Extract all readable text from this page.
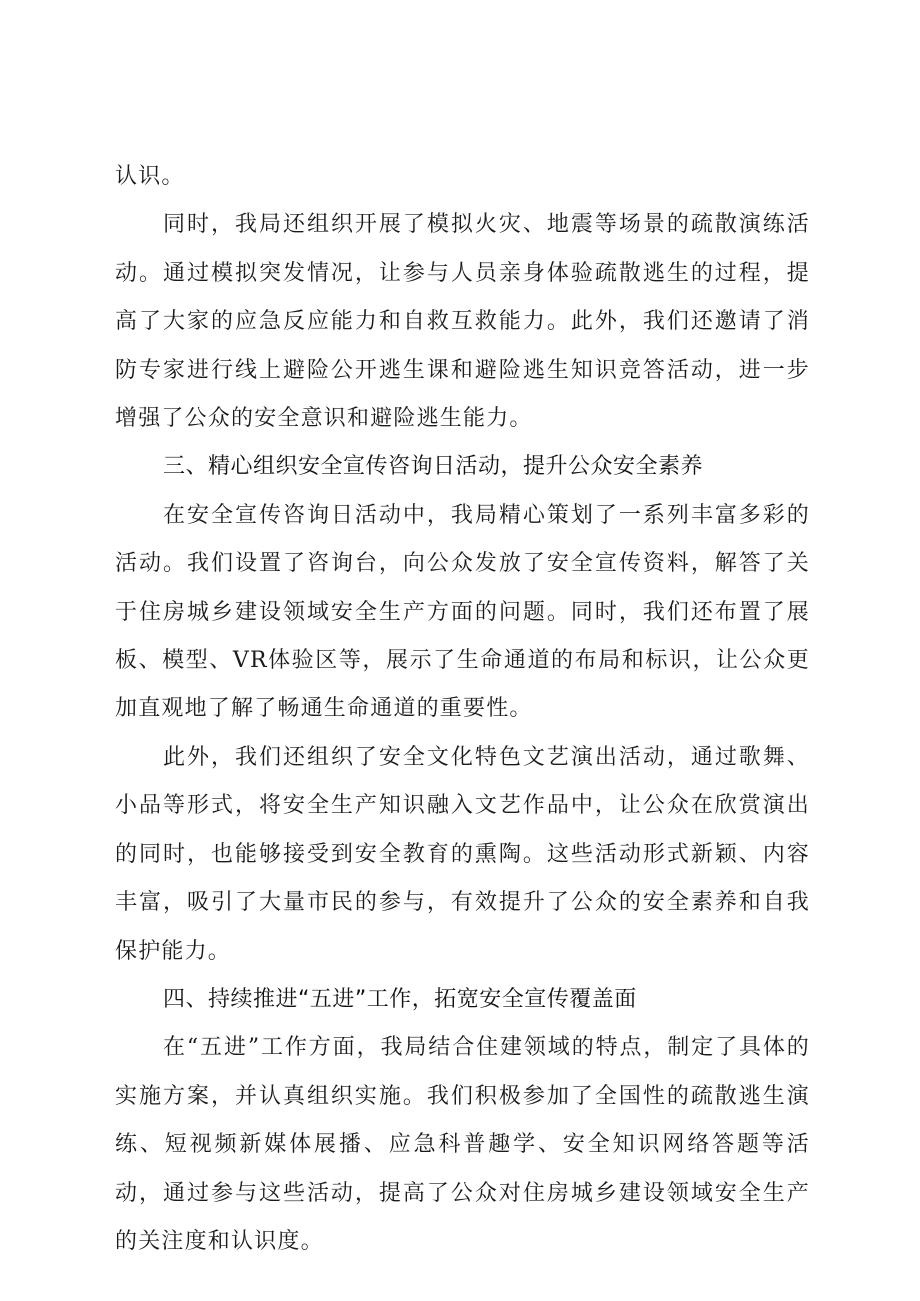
认识。

同时，我局还组织开展了模拟火灾、地震等场景的疏散演练活动。通过模拟突发情况，让参与人员亲身体验疏散逃生的过程，提高了大家的应急反应能力和自救互救能力。此外，我们还邀请了消防专家进行线上避险公开逃生课和避险逃生知识竞答活动，进一步增强了公众的安全意识和避险逃生能力。

三、精心组织安全宣传咨询日活动，提升公众安全素养

在安全宣传咨询日活动中，我局精心策划了一系列丰富多彩的活动。我们设置了咨询台，向公众发放了安全宣传资料，解答了关于住房城乡建设领域安全生产方面的问题。同时，我们还布置了展板、模型、VR体验区等，展示了生命通道的布局和标识，让公众更加直观地了解了畅通生命通道的重要性。

此外，我们还组织了安全文化特色文艺演出活动，通过歌舞、小品等形式，将安全生产知识融入文艺作品中，让公众在欣赏演出的同时，也能够接受到安全教育的熏陶。这些活动形式新颖、内容丰富，吸引了大量市民的参与，有效提升了公众的安全素养和自我保护能力。

四、持续推进“五进”工作，拓宽安全宣传覆盖面

在“五进”工作方面，我局结合住建领域的特点，制定了具体的实施方案，并认真组织实施。我们积极参加了全国性的疏散逃生演练、短视频新媒体展播、应急科普趣学、安全知识网络答题等活动，通过参与这些活动，提高了公众对住房城乡建设领域安全生产的关注度和认识度。
